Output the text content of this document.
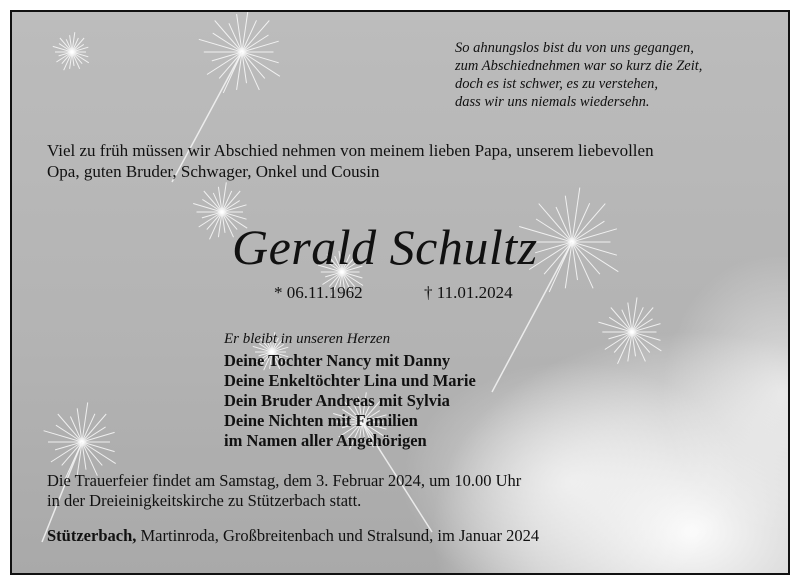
So ahnungslos bist du von uns gegangen,
zum Abschiednehmen war so kurz die Zeit,
doch es ist schwer, es zu verstehen,
dass wir uns niemals wiedersehn.
Viel zu früh müssen wir Abschied nehmen von meinem lieben Papa, unserem liebevollen
Opa, guten Bruder, Schwager, Onkel und Cousin
Gerald Schultz
* 06.11.1962	† 11.01.2024
Er bleibt in unseren Herzen
Deine Tochter Nancy mit Danny
Deine Enkeltöchter Lina und Marie
Dein Bruder Andreas mit Sylvia
Deine Nichten mit Familien
im Namen aller Angehörigen
Die Trauerfeier findet am Samstag, dem 3. Februar 2024, um 10.00 Uhr
in der Dreieinigkeitskirche zu Stützerbach statt.
Stützerbach, Martinroda, Großbreitenbach und Stralsund, im Januar 2024
